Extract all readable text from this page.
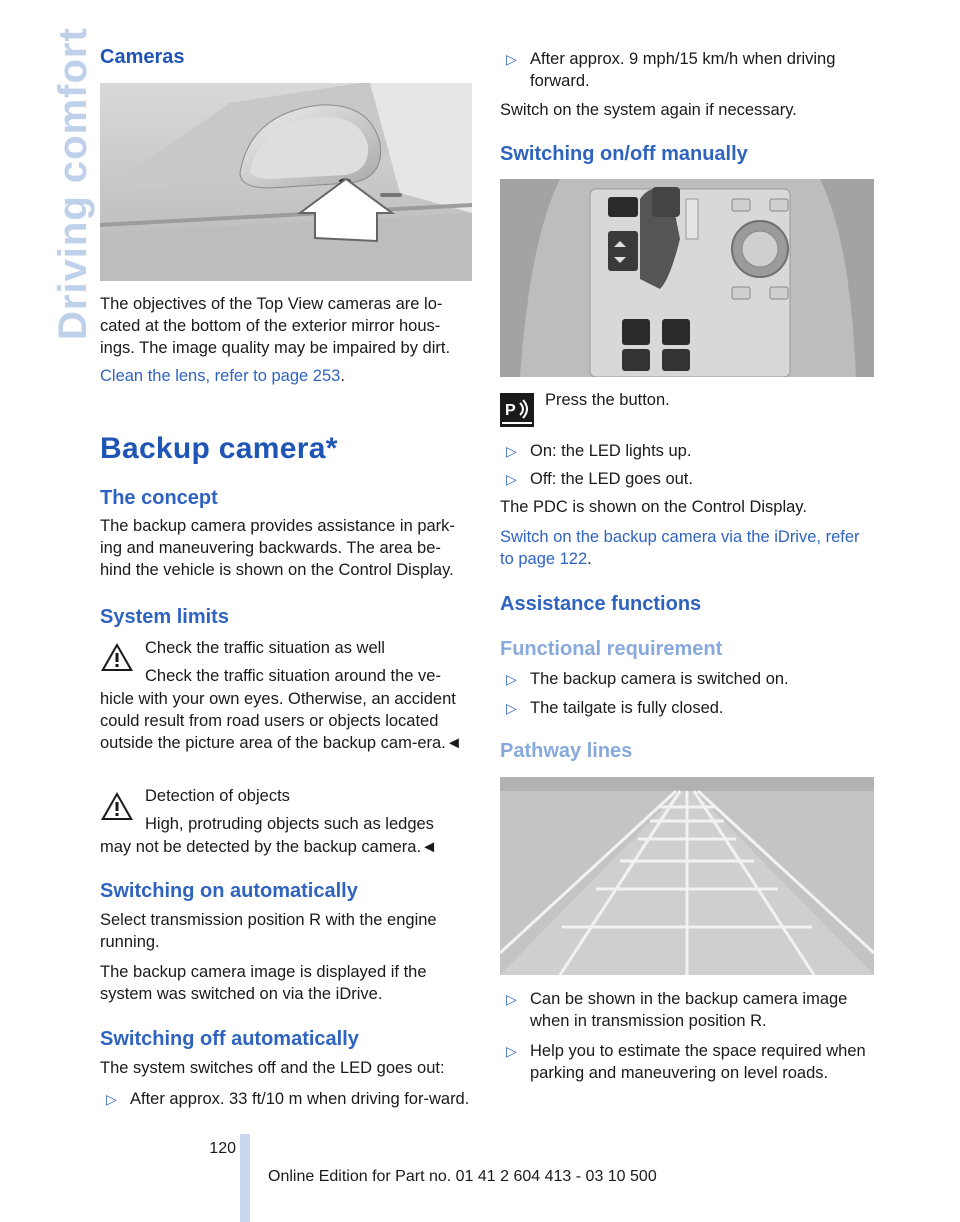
Driving comfort Cameras

The objectives of the Top View cameras are lo-cated at the bottom of the exterior mirror hous-ings. The image quality may be impaired by dirt.

Clean the lens, refer to page 253.

Backup camera*
The concept

The backup camera provides assistance in park-ing and maneuvering backwards. The area be-hind the vehicle is shown on the Control Display.

System limits
Check the traffic situation as well
Check the traffic situation around the ve-

hicle with your own eyes. Otherwise, an accident could result from road users or objects located outside the picture area of the backup cam-era.◄

Detection of objects
High, protruding objects such as ledges

may not be detected by the backup camera.◄

Switching on automatically

Select transmission position R with the engine running.

The backup camera image is displayed if the system was switched on via the iDrive.

Switching off automatically

The system switches off and the LED goes out:

▷ After approx. 33 ft/10 m when driving for-ward.
▷ After approx. 9 mph/15 km/h when driving forward.

Switch on the system again if necessary.

Switching on/off manually
P
Press the button.
▷ On: the LED lights up.
▷ Off: the LED goes out.

The PDC is shown on the Control Display.

Switch on the backup camera via the iDrive, refer to page 122.

Assistance functions
Functional requirement
▷ The backup camera is switched on.
▷ The tailgate is fully closed.
Pathway lines
▷ Can be shown in the backup camera image when in transmission position R.
▷ Help you to estimate the space required when parking and maneuvering on level roads.
120
Online Edition for Part no. 01 41 2 604 413 - 03 10 500
